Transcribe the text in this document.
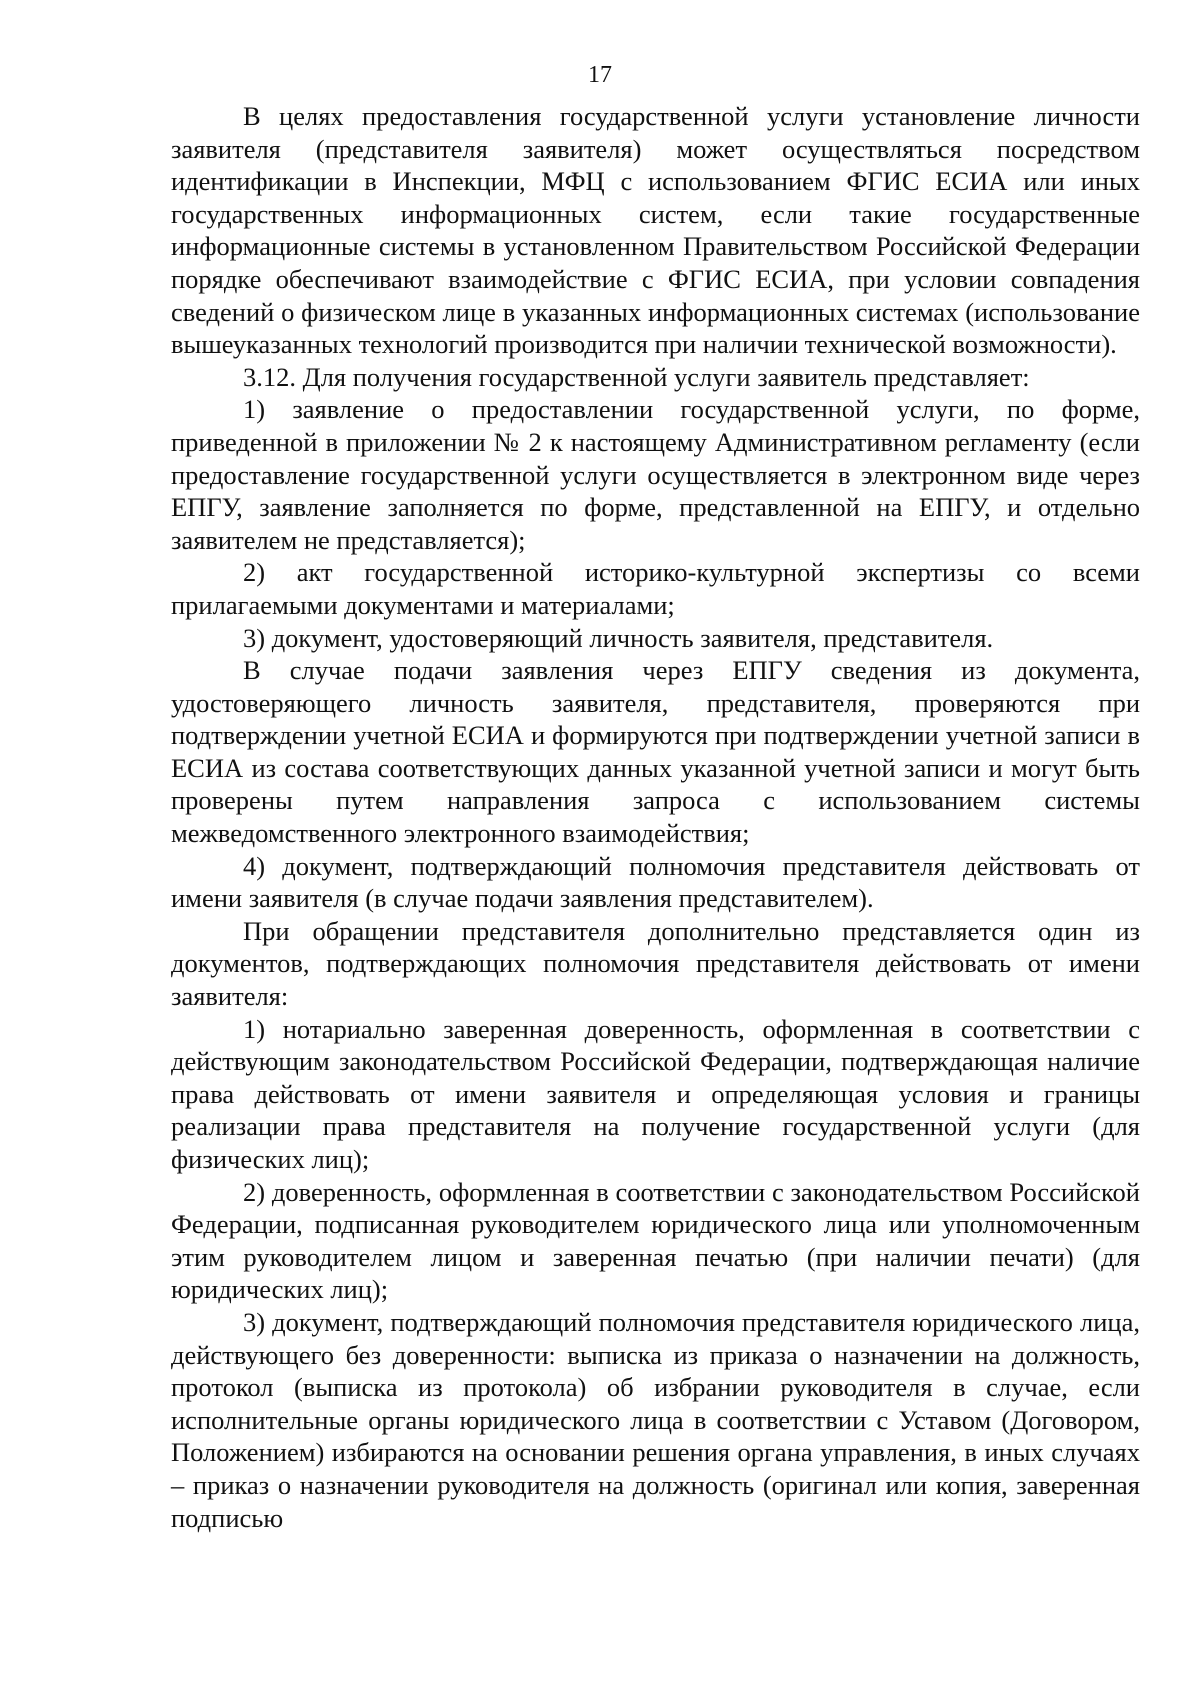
17

В целях предоставления государственной услуги установление личности заявителя (представителя заявителя) может осуществляться посредством идентификации в Инспекции, МФЦ с использованием ФГИС ЕСИА или иных государственных информационных систем, если такие государственные информационные системы в установленном Правительством Российской Федерации порядке обеспечивают взаимодействие с ФГИС ЕСИА, при условии совпадения сведений о физическом лице в указанных информационных системах (использование вышеуказанных технологий производится при наличии технической возможности).

3.12. Для получения государственной услуги заявитель представляет:

1) заявление о предоставлении государственной услуги, по форме, приведенной в приложении № 2 к настоящему Административном регламенту (если предоставление государственной услуги осуществляется в электронном виде через ЕПГУ, заявление заполняется по форме, представленной на ЕПГУ, и отдельно заявителем не представляется);

2) акт государственной историко-культурной экспертизы со всеми прилагаемыми документами и материалами;

3) документ, удостоверяющий личность заявителя, представителя.

В случае подачи заявления через ЕПГУ сведения из документа, удостоверяющего личность заявителя, представителя, проверяются при подтверждении учетной ЕСИА и формируются при подтверждении учетной записи в ЕСИА из состава соответствующих данных указанной учетной записи и могут быть проверены путем направления запроса с использованием системы межведомственного электронного взаимодействия;

4) документ, подтверждающий полномочия представителя действовать от имени заявителя (в случае подачи заявления представителем).

При обращении представителя дополнительно представляется один из документов, подтверждающих полномочия представителя действовать от имени заявителя:

1) нотариально заверенная доверенность, оформленная в соответствии с действующим законодательством Российской Федерации, подтверждающая наличие права действовать от имени заявителя и определяющая условия и границы реализации права представителя на получение государственной услуги (для физических лиц);

2) доверенность, оформленная в соответствии с законодательством Российской Федерации, подписанная руководителем юридического лица или уполномоченным этим руководителем лицом и заверенная печатью (при наличии печати) (для юридических лиц);

3) документ, подтверждающий полномочия представителя юридического лица, действующего без доверенности: выписка из приказа о назначении на должность, протокол (выписка из протокола) об избрании руководителя в случае, если исполнительные органы юридического лица в соответствии с Уставом (Договором, Положением) избираются на основании решения органа управления, в иных случаях – приказ о назначении руководителя на должность (оригинал или копия, заверенная подписью
